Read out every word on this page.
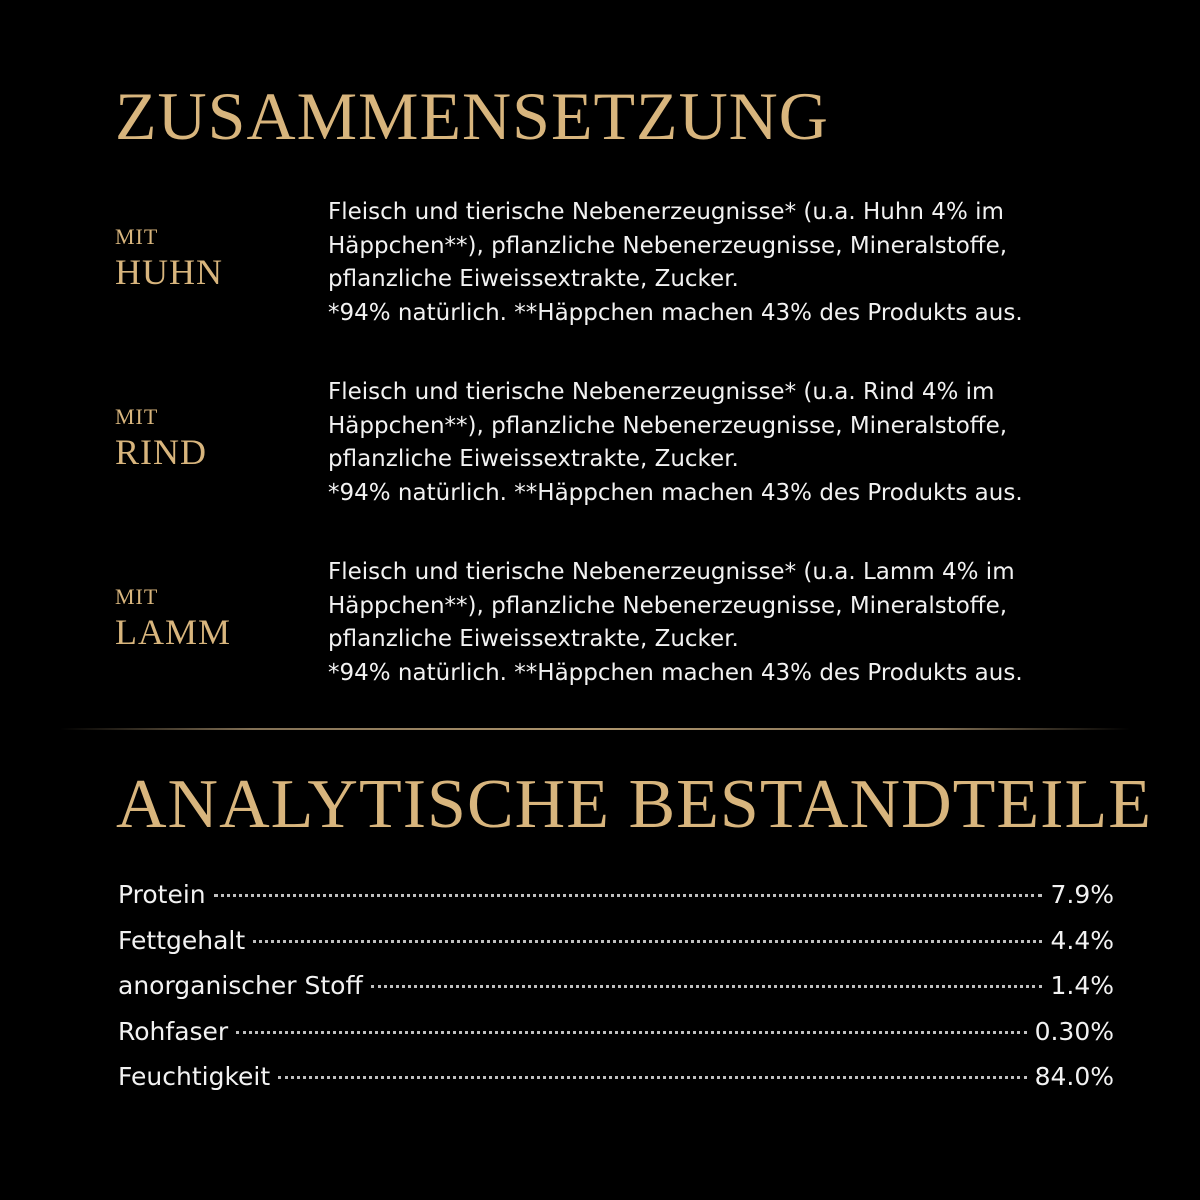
ZUSAMMENSETZUNG
MIT
HUHN

Fleisch und tierische Nebenerzeugnisse* (u.a. Huhn 4% im

Häppchen**), pflanzliche Nebenerzeugnisse, Mineralstoffe,

pflanzliche Eiweissextrakte, Zucker.

*94% natürlich. **Häppchen machen 43% des Produkts aus.

MIT
RIND

Fleisch und tierische Nebenerzeugnisse* (u.a. Rind 4% im

Häppchen**), pflanzliche Nebenerzeugnisse, Mineralstoffe,

pflanzliche Eiweissextrakte, Zucker.

*94% natürlich. **Häppchen machen 43% des Produkts aus.

MIT
LAMM

Fleisch und tierische Nebenerzeugnisse* (u.a. Lamm 4% im

Häppchen**), pflanzliche Nebenerzeugnisse, Mineralstoffe,

pflanzliche Eiweissextrakte, Zucker.

*94% natürlich. **Häppchen machen 43% des Produkts aus.

ANALYTISCHE BESTANDTEILE
Protein	7.9%
Fettgehalt	4.4%
anorganischer Stoff	1.4%
Rohfaser	0.30%
Feuchtigkeit	84.0%
